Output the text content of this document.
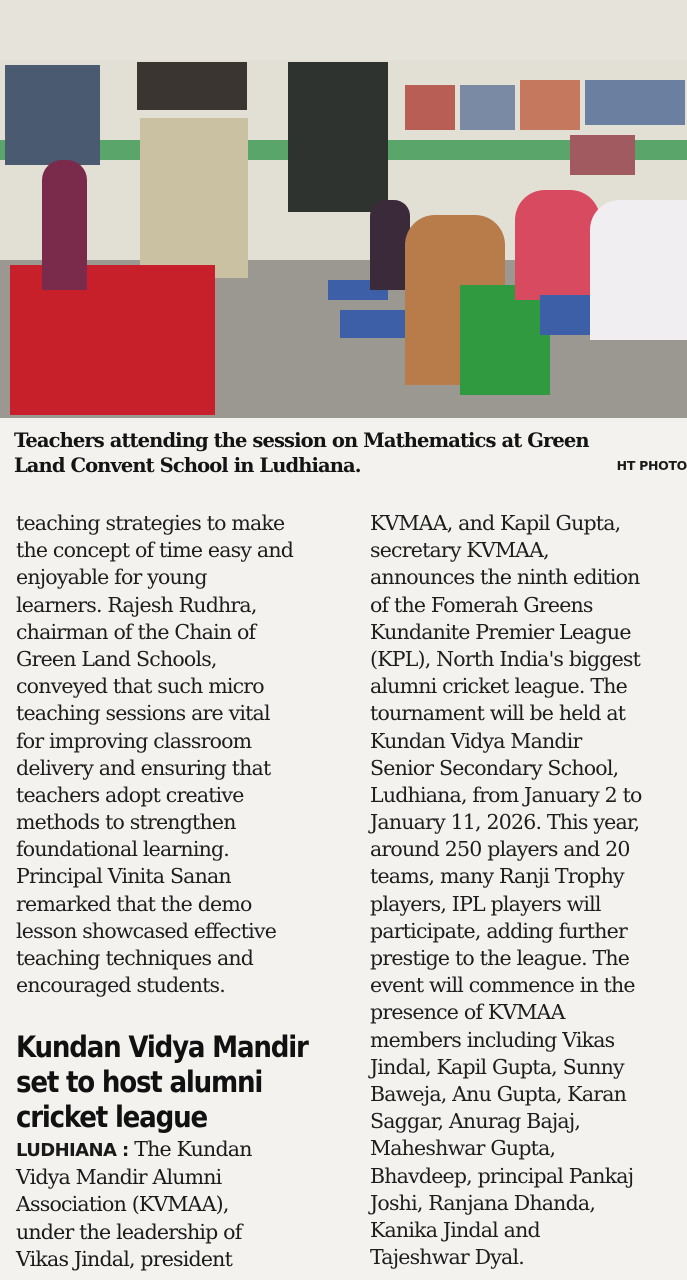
Teachers attending the session on Mathematics at Green
Land Convent School in Ludhiana.	HT PHOTO
teaching strategies to make
the concept of time easy and
enjoyable for young
learners. Rajesh Rudhra,
chairman of the Chain of
Green Land Schools,
conveyed that such micro
teaching sessions are vital
for improving classroom
delivery and ensuring that
teachers adopt creative
methods to strengthen
foundational learning.
Principal Vinita Sanan
remarked that the demo
lesson showcased effective
teaching techniques and
encouraged students.
Kundan Vidya Mandir
set to host alumni
cricket league
LUDHIANA : The Kundan
Vidya Mandir Alumni
Association (KVMAA),
under the leadership of
Vikas Jindal, president
KVMAA, and Kapil Gupta,
secretary KVMAA,
announces the ninth edition
of the Fomerah Greens
Kundanite Premier League
(KPL), North India's biggest
alumni cricket league. The
tournament will be held at
Kundan Vidya Mandir
Senior Secondary School,
Ludhiana, from January 2 to
January 11, 2026. This year,
around 250 players and 20
teams, many Ranji Trophy
players, IPL players will
participate, adding further
prestige to the league. The
event will commence in the
presence of KVMAA
members including Vikas
Jindal, Kapil Gupta, Sunny
Baweja, Anu Gupta, Karan
Saggar, Anurag Bajaj,
Maheshwar Gupta,
Bhavdeep, principal Pankaj
Joshi, Ranjana Dhanda,
Kanika Jindal and
Tajeshwar Dyal.
